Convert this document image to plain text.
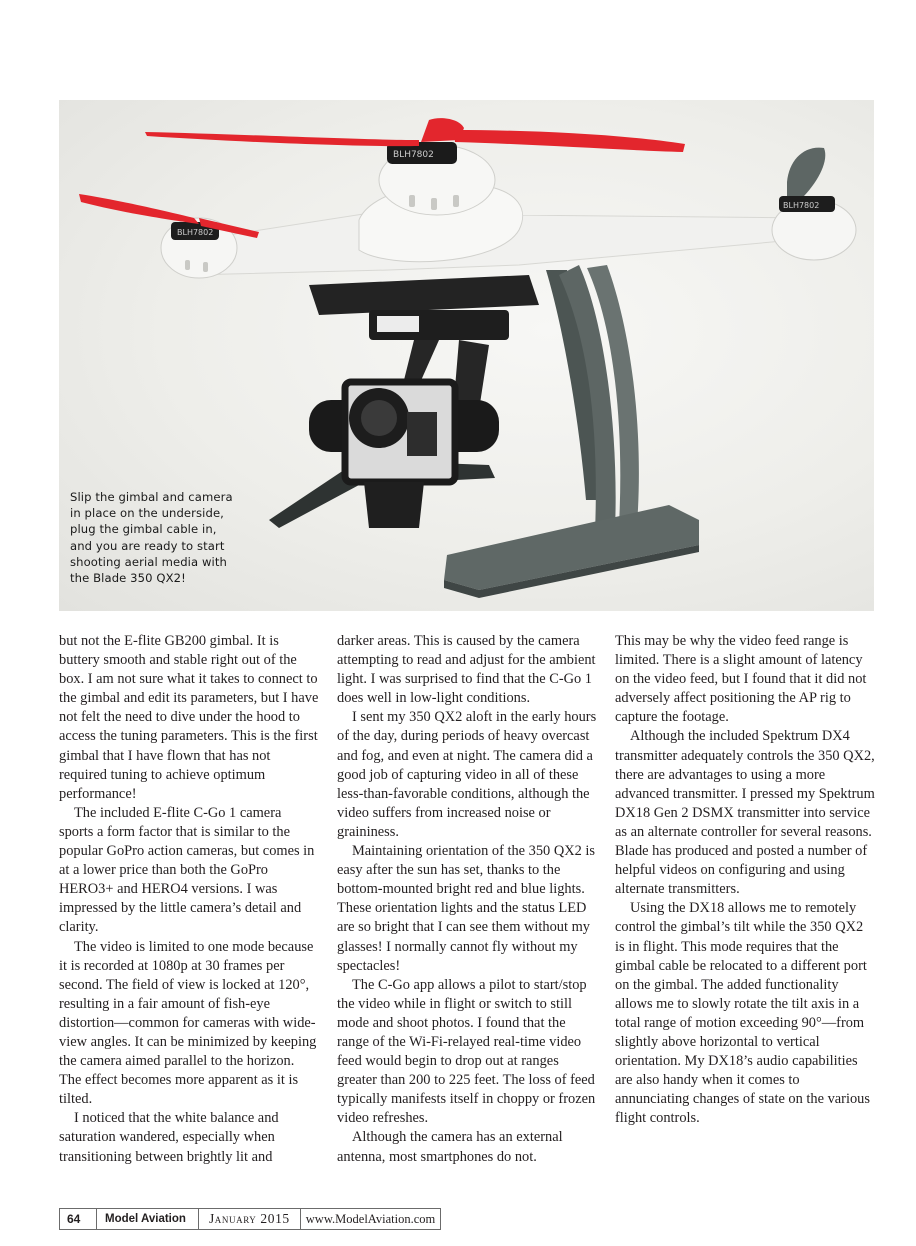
BLH7802
BLH7802
BLH7802
Slip the gimbal and camera in place on the underside, plug the gimbal cable in, and you are ready to start shooting aerial media with the Blade 350 QX2!

but not the E-flite GB200 gimbal. It is buttery smooth and stable right out of the box. I am not sure what it takes to connect to the gimbal and edit its parameters, but I have not felt the need to dive under the hood to access the tuning parameters. This is the first gimbal that I have flown that has not required tuning to achieve optimum performance!

The included E-flite C-Go 1 camera sports a form factor that is similar to the popular GoPro action cameras, but comes in at a lower price than both the GoPro HERO3+ and HERO4 versions. I was impressed by the little camera’s detail and clarity.

The video is limited to one mode because it is recorded at 1080p at 30 frames per second. The field of view is locked at 120°, resulting in a fair amount of fish-eye distortion—common for cameras with wide-view angles. It can be minimized by keeping the camera aimed parallel to the horizon. The effect becomes more apparent as it is tilted.

I noticed that the white balance and saturation wandered, especially when transitioning between brightly lit and

darker areas. This is caused by the camera attempting to read and adjust for the ambient light. I was surprised to find that the C-Go 1 does well in low-light conditions.

I sent my 350 QX2 aloft in the early hours of the day, during periods of heavy overcast and fog, and even at night. The camera did a good job of capturing video in all of these less-than-favorable conditions, although the video suffers from increased noise or graininess.

Maintaining orientation of the 350 QX2 is easy after the sun has set, thanks to the bottom-mounted bright red and blue lights. These orientation lights and the status LED are so bright that I can see them without my glasses! I normally cannot fly without my spectacles!

The C-Go app allows a pilot to start/stop the video while in flight or switch to still mode and shoot photos. I found that the range of the Wi-Fi-relayed real-time video feed would begin to drop out at ranges greater than 200 to 225 feet. The loss of feed typically manifests itself in choppy or frozen video refreshes.

Although the camera has an external antenna, most smartphones do not.

This may be why the video feed range is limited. There is a slight amount of latency on the video feed, but I found that it did not adversely affect positioning the AP rig to capture the footage.

Although the included Spektrum DX4 transmitter adequately controls the 350 QX2, there are advantages to using a more advanced transmitter. I pressed my Spektrum DX18 Gen 2 DSMX transmitter into service as an alternate controller for several reasons. Blade has produced and posted a number of helpful videos on configuring and using alternate transmitters.

Using the DX18 allows me to remotely control the gimbal’s tilt while the 350 QX2 is in flight. This mode requires that the gimbal cable be relocated to a different port on the gimbal. The added functionality allows me to slowly rotate the tilt axis in a total range of motion exceeding 90°—from slightly above horizontal to vertical orientation. My DX18’s audio capabilities are also handy when it comes to annunciating changes of state on the various flight controls.

64	Model Aviation	January 2015	www.ModelAviation.com
